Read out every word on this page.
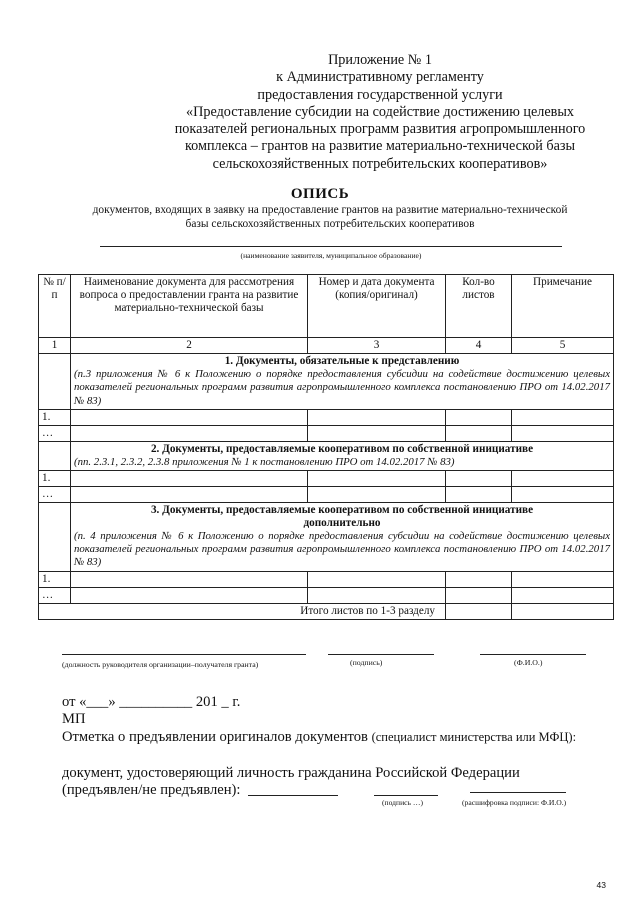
Приложение № 1
к Административному регламенту
предоставления государственной услуги
«Предоставление субсидии на содействие достижению целевых
показателей региональных программ развития агропромышленного
комплекса – грантов на развитие материально-технической базы
сельскохозяйственных потребительских кооперативов»
ОПИСЬ
документов, входящих в заявку на предоставление грантов на развитие материально-технической
базы сельскохозяйственных потребительских кооперативов
(наименование заявителя, муниципальное образование)
№ п/п	Наименование документа для рассмотрения вопроса о предоставлении гранта на развитие материально-технической базы	Номер и дата документа (копия/оригинал)	Кол-во листов	Примечание
1	2	3	4	5

	1. Документы, обязательные к представлению
(п.3 приложения № 6 к Положению о порядке предоставления субсидии на содействие достижению целевых показателей региональных программ развития агропромышленного комплекса постановлению ПРО от 14.02.2017 № 83)			

1.				
…				

	2. Документы, предоставляемые кооперативом по собственной инициативе
(пп. 2.3.1, 2.3.2, 2.3.8 приложения № 1 к постановлению ПРО от 14.02.2017 № 83)			

1.				
…				

	3. Документы, предоставляемые кооперативом по собственной инициативе дополнительно
(п. 4 приложения № 6 к Положению о порядке предоставления субсидии на содействие достижению целевых показателей региональных программ развития агропромышленного комплекса постановлению ПРО от 14.02.2017 № 83)			

1.				
…				
Итого листов по 1-3 разделу				
(должность руководителя организации–получателя гранта)	(подпись)	(Ф.И.О.)
от «___» __________ 201 _ г.
МП
Отметка о предъявлении оригиналов документов (специалист министерства или МФЦ):
документ, удостоверяющий личность гражданина Российской Федерации
(предъявлен/не предъявлен):
(подпись …)	(расшифровка подписи: Ф.И.О.)
43
